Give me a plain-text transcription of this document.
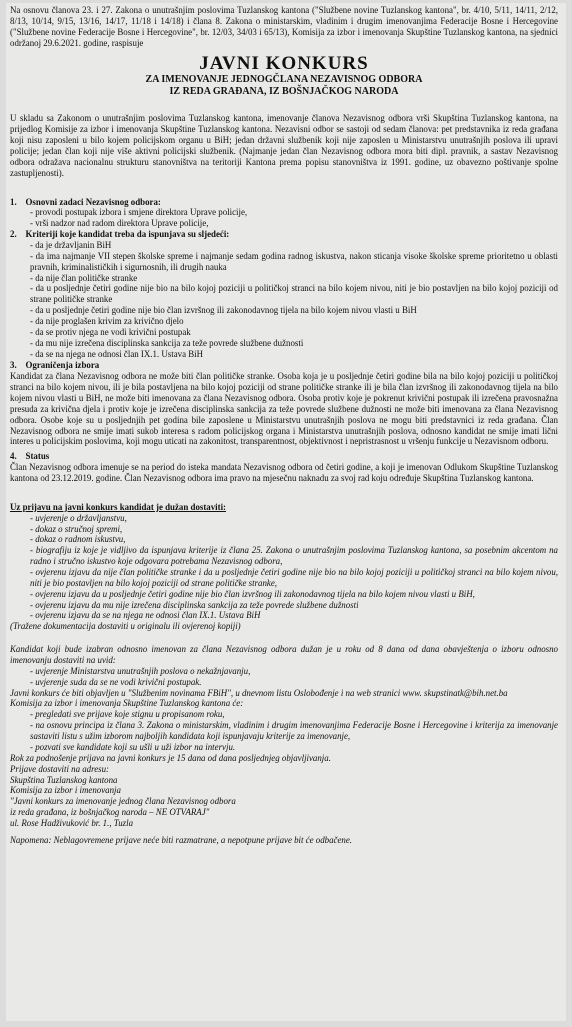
Na osnovu članova 23. i 27. Zakona o unutrašnjim poslovima Tuzlanskog kantona ("Službene novine Tuzlanskog kantona", br. 4/10, 5/11, 14/11, 2/12, 8/13, 10/14, 9/15, 13/16, 14/17, 11/18 i 14/18) i člana 8. Zakona o ministarskim, vladinim i drugim imenovanjima Federacije Bosne i Hercegovine ("Službene novine Federacije Bosne i Hercegovine", br. 12/03, 34/03 i 65/13), Komisija za izbor i imenovanja Skupštine Tuzlanskog kantona, na sjednici održanoj 29.6.2021. godine, raspisuje

JAVNI KONKURS
ZA IMENOVANJE JEDNOGČLANA NEZAVISNOG ODBORA
IZ REDA GRAĐANA, IZ BOŠNJAČKOG NARODA

U skladu sa Zakonom o unutrašnjim poslovima Tuzlanskog kantona, imenovanje članova Nezavisnog odbora vrši Skupština Tuzlanskog kantona, na prijedlog Komisije za izbor i imenovanja Skupštine Tuzlanskog kantona. Nezavisni odbor se sastoji od sedam članova: pet predstavnika iz reda građana koji nisu zaposleni u bilo kojem policijskom organu u BiH; jedan državni službenik koji nije zaposlen u Ministarstvu unutrašnjih poslova ili upravi policije; jedan član koji nije više aktivni policijski službenik. (Najmanje jedan član Nezavisnog odbora mora biti dipl. pravnik, a sastav Nezavisnog odbora odražava nacionalnu strukturu stanovništva na teritoriji Kantona prema popisu stanovništva iz 1991. godine, uz obavezno poštivanje spolne zastupljenosti).

1.    Osnovni zadaci Nezavisnog odbora:
- provodi postupak izbora i smjene direktora Uprave policije,
- vrši nadzor nad radom direktora Uprave policije,
2.    Kriteriji koje kandidat treba da ispunjava su sljedeći:
- da je državljanin BiH
- da ima najmanje VII stepen školske spreme i najmanje sedam godina radnog iskustva, nakon sticanja visoke školske spreme prioritetno u oblasti pravnih, kriminalističkih i sigurnosnih, ili drugih nauka
- da nije član političke stranke
- da u posljednje četiri godine nije bio na bilo kojoj poziciji u političkoj stranci na bilo kojem nivou, niti je bio postavljen na bilo kojoj poziciji od strane političke stranke
- da u posljednje četiri godine nije bio član izvršnog ili zakonodavnog tijela na bilo kojem nivou vlasti u BiH
- da nije proglašen krivim za krivično djelo
- da se protiv njega ne vodi krivični postupak
- da mu nije izrečena disciplinska sankcija za teže povrede službene dužnosti
- da se na njega ne odnosi član IX.1. Ustava BiH
3.    Ograničenja izbora

Kandidat za člana Nezavisnog odbora ne može biti član političke stranke. Osoba koja je u posljednje četiri godine bila na bilo kojoj poziciji u političkoj stranci na bilo kojem nivou, ili je bila postavljena na bilo kojoj poziciji od strane političke stranke ili je bila član izvršnog ili zakonodavnog tijela na bilo kojem nivou vlasti u BiH, ne može biti imenovana za člana Nezavisnog odbora. Osoba protiv koje je pokrenut krivični postupak ili izrečena pravosnažna presuda za krivična djela i protiv koje je izrečena disciplinska sankcija za teže povrede službene dužnosti ne može biti imenovana za člana Nezavisnog odbora. Osobe koje su u posljednjih pet godina bile zaposlene u Ministarstvu unutrašnjih poslova ne mogu biti predstavnici iz reda građana. Član Nezavisnog odbora ne smije imati sukob interesa s radom policijskog organa i Ministarstva unutrašnjih poslova, odnosno kandidat ne smije imati lični interes u policijskim poslovima, koji mogu uticati na zakonitost, transparentnost, objektivnost i nepristrasnost u vršenju funkcije u Nezavisnom odboru.

4.    Status

Član Nezavisnog odbora imenuje se na period do isteka mandata Nezavisnog odbora od četiri godine, a koji je imenovan Odlukom Skupštine Tuzlanskog kantona od 23.12.2019. godine. Član Nezavisnog odbora ima pravo na mjesečnu naknadu za svoj rad koju određuje Skupština Tuzlanskog kantona.

Uz prijavu na javni konkurs kandidat je dužan dostaviti:
- uvjerenje o državljanstvu,
- dokaz o stručnoj spremi,
- dokaz o radnom iskustvu,
- biografiju iz koje je vidljivo da ispunjava kriterije iz člana 25. Zakona o unutrašnjim poslovima Tuzlanskog kantona, sa posebnim akcentom na radno i stručno iskustvo koje odgovara potrebama Nezavisnog odbora,
- ovjerenu izjavu da nije član političke stranke i da u posljednje četiri godine nije bio na bilo kojoj poziciji u političkoj stranci na bilo kojem nivou, niti je bio postavljen na bilo kojoj poziciji od strane političke stranke,
- ovjerenu izjavu da u posljednje četiri godine nije bio član izvršnog ili zakonodavnog tijela na bilo kojem nivou vlasti u BiH,
- ovjerenu izjavu da mu nije izrečena disciplinska sankcija za teže povrede službene dužnosti
- ovjerenu izjavu da se na njega ne odnosi član IX.1. Ustava BiH

(Tražene dokumentacija dostaviti u originalu ili ovjerenoj kopiji)

Kandidat koji bude izabran odnosno imenovan za člana Nezavisnog odbora dužan je u roku od 8 dana od dana obavještenja o izboru odnosno imenovanju dostaviti na uvid:

- uvjerenje Ministarstva unutrašnjih poslova o nekažnjavanju,
- uvjerenje suda da se ne vodi krivični postupak.

Javni konkurs će biti objavljen u "Službenim novinama FBiH", u dnevnom listu Oslobođenje i na web stranici www. skupstinatk@bih.net.ba

Komisija za izbor i imenovanja Skupštine Tuzlanskog kantona će:

- pregledati sve prijave koje stignu u propisanom roku,
- na osnovu principa iz člana 3. Zakona o ministarskim, vladinim i drugim imenovanjima Federacije Bosne i Hercegovine i kriterija za imenovanje sastaviti listu s užim izborom najboljih kandidata koji ispunjavaju kriterije za imenovanje,
- pozvati sve kandidate koji su ušli u uži izbor na intervju.

Rok za podnošenje prijava na javni konkurs je 15 dana od dana posljednjeg objavljivanja.

Prijave dostaviti na adresu:

Skupština Tuzlanskog kantona
Komisija za izbor i imenovanja
"Javni konkurs za imenovanje jednog člana Nezavisnog odbora
iz reda građana, iz bošnjačkog naroda – NE OTVARAJ"
ul. Rose Hadživuković br. 1., Tuzla

Napomena: Neblagovremene prijave neće biti razmatrane, a nepotpune prijave bit će odbačene.
